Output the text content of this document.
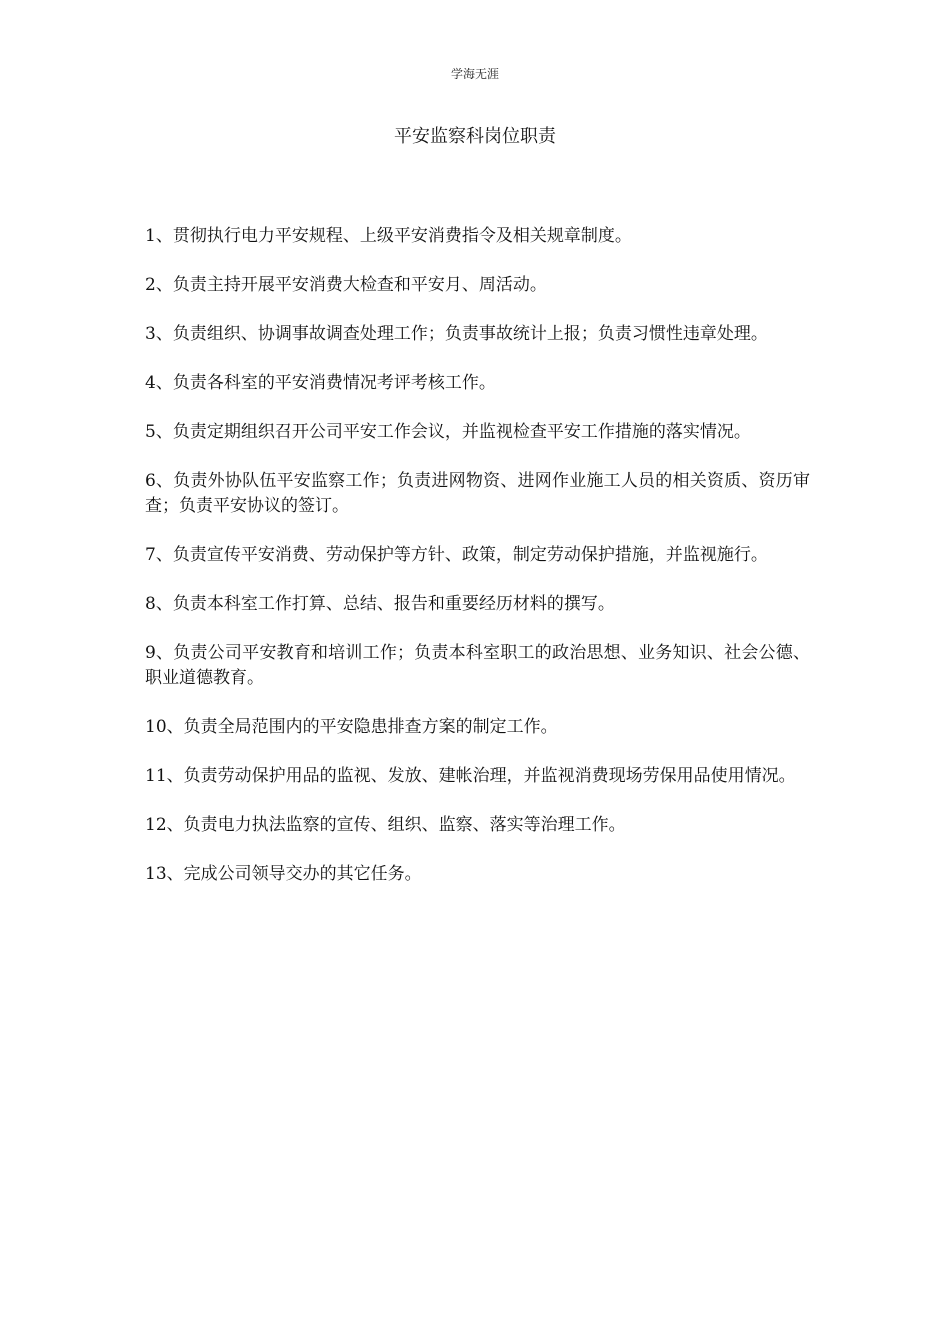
学海无涯
平安监察科岗位职责
1、贯彻执行电力平安规程、上级平安消费指令及相关规章制度。
2、负责主持开展平安消费大检查和平安月、周活动。
3、负责组织、协调事故调查处理工作；负责事故统计上报；负责习惯性违章处理。
4、负责各科室的平安消费情况考评考核工作。
5、负责定期组织召开公司平安工作会议，并监视检查平安工作措施的落实情况。
6、负责外协队伍平安监察工作；负责进网物资、进网作业施工人员的相关资质、资历审查；负责平安协议的签订。
7、负责宣传平安消费、劳动保护等方针、政策，制定劳动保护措施，并监视施行。
8、负责本科室工作打算、总结、报告和重要经历材料的撰写。
9、负责公司平安教育和培训工作；负责本科室职工的政治思想、业务知识、社会公德、职业道德教育。
10、负责全局范围内的平安隐患排查方案的制定工作。
11、负责劳动保护用品的监视、发放、建帐治理，并监视消费现场劳保用品使用情况。
12、负责电力执法监察的宣传、组织、监察、落实等治理工作。
13、完成公司领导交办的其它任务。
